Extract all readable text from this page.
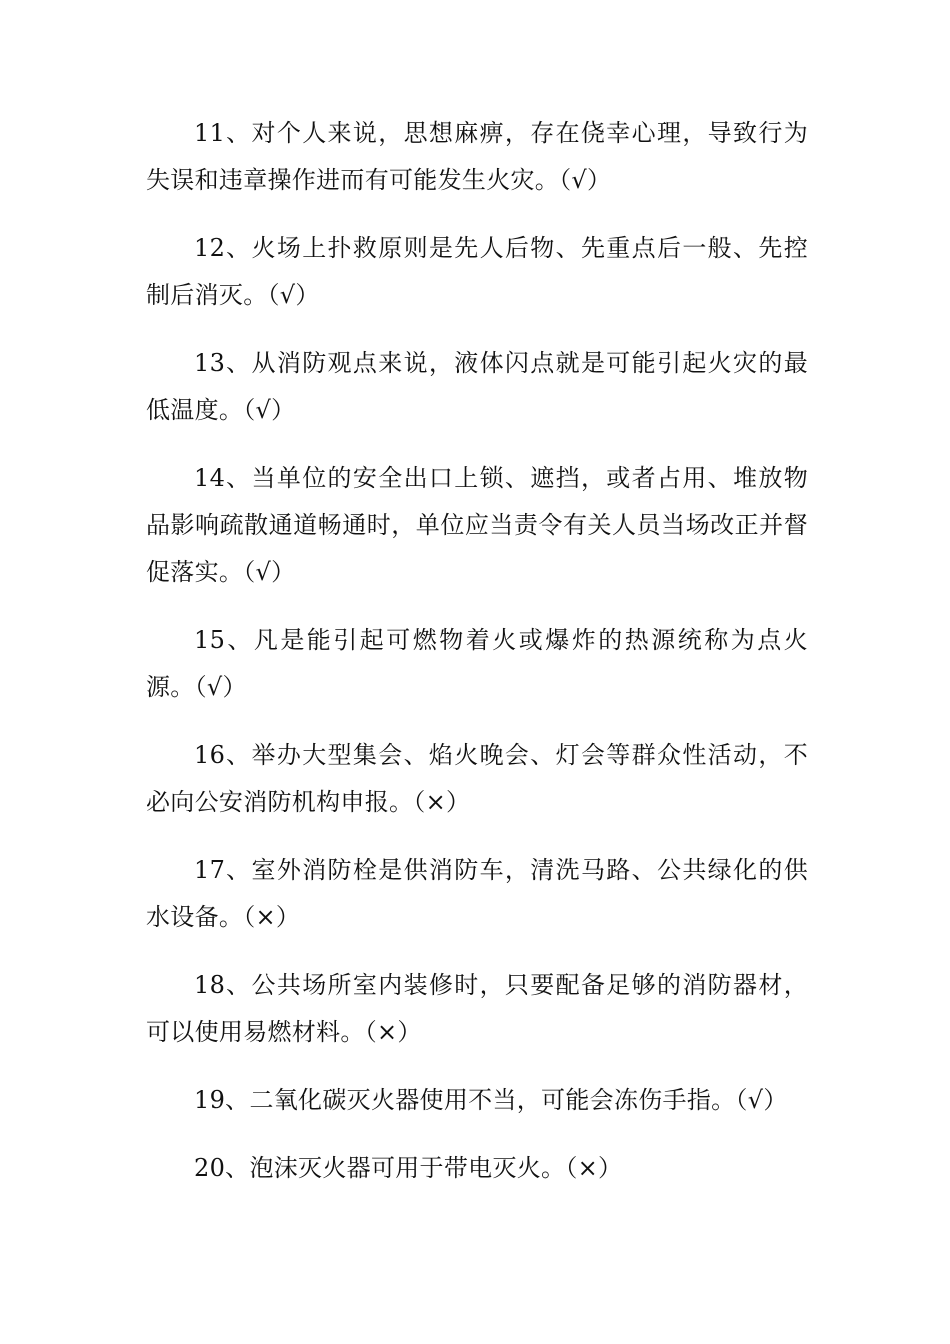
11、对个人来说，思想麻痹，存在侥幸心理，导致行为失误和违章操作进而有可能发生火灾。（√）

12、火场上扑救原则是先人后物、先重点后一般、先控制后消灭。（√）

13、从消防观点来说，液体闪点就是可能引起火灾的最低温度。（√）

14、当单位的安全出口上锁、遮挡，或者占用、堆放物品影响疏散通道畅通时，单位应当责令有关人员当场改正并督促落实。（√）

15、凡是能引起可燃物着火或爆炸的热源统称为点火源。（√）

16、举办大型集会、焰火晚会、灯会等群众性活动，不必向公安消防机构申报。（×）

17、室外消防栓是供消防车，清洗马路、公共绿化的供水设备。（×）

18、公共场所室内装修时，只要配备足够的消防器材，可以使用易燃材料。（×）

19、二氧化碳灭火器使用不当，可能会冻伤手指。（√）

20、泡沫灭火器可用于带电灭火。（×）
